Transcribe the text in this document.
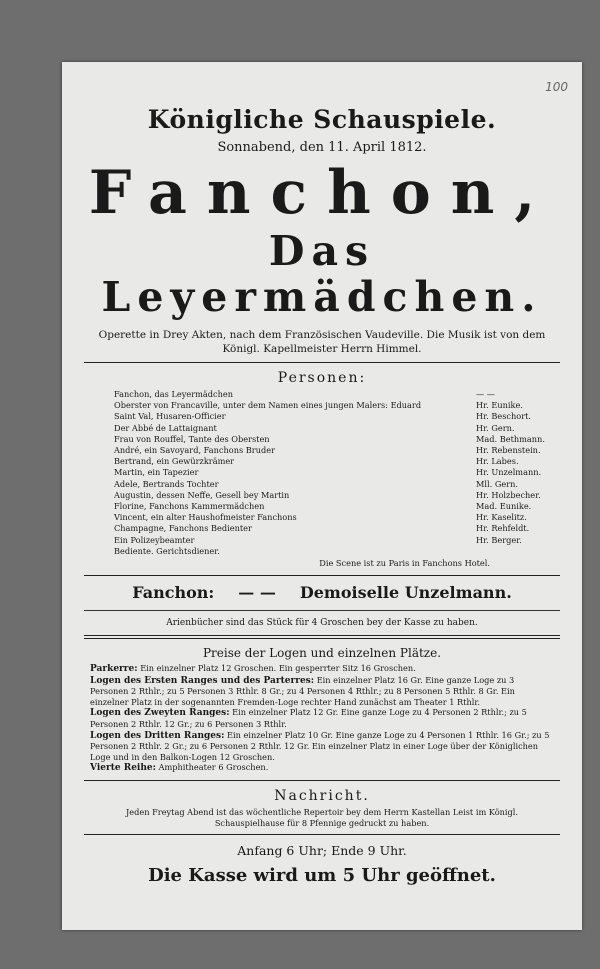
100
Königliche Schauspiele.
Sonnabend, den 11. April 1812.
Fanchon,
Das Leyermädchen.
Operette in Drey Akten, nach dem Französischen Vaudeville. Die Musik ist von dem Königl. Kapellmeister Herrn Himmel.
Personen:
Fanchon, das Leyermädchen	— —
Oberster von Francaville, unter dem Namen eines jungen Malers: Eduard	Hr. Eunike.
Saint Val, Husaren-Officier	Hr. Beschort.
Der Abbé de Lattaignant	Hr. Gern.
Frau von Rouffel, Tante des Obersten	Mad. Bethmann.
André, ein Savoyard, Fanchons Bruder	Hr. Rebenstein.
Bertrand, ein Gewürzkrämer	Hr. Labes.
Martin, ein Tapezier	Hr. Unzelmann.
Adele, Bertrands Tochter	Mll. Gern.
Augustin, dessen Neffe, Gesell bey Martin	Hr. Holzbecher.
Florine, Fanchons Kammermädchen	Mad. Eunike.
Vincent, ein alter Haushofmeister Fanchons	Hr. Kaselitz.
Champagne, Fanchons Bedienter	Hr. Rehfeldt.
Ein Polizeybeamter	Hr. Berger.
Bediente. Gerichtsdiener.
Die Scene ist zu Paris in Fanchons Hotel.
Fanchon: — — Demoiselle Unzelmann.
Arienbücher sind das Stück für 4 Groschen bey der Kasse zu haben.
Preise der Logen und einzelnen Plätze.

Parkerre: Ein einzelner Platz 12 Groschen. Ein gesperrter Sitz 16 Groschen.

Logen des Ersten Ranges und des Parterres: Ein einzelner Platz 16 Gr. Eine ganze Loge zu 3 Personen 2 Rthlr.; zu 5 Personen 3 Rthlr. 8 Gr.; zu 4 Personen 4 Rthlr.; zu 8 Personen 5 Rthlr. 8 Gr. Ein einzelner Platz in der sogenannten Fremden-Loge rechter Hand zunächst am Theater 1 Rthlr.

Logen des Zweyten Ranges: Ein einzelner Platz 12 Gr. Eine ganze Loge zu 4 Personen 2 Rthlr.; zu 5 Personen 2 Rthlr. 12 Gr.; zu 6 Personen 3 Rthlr.

Logen des Dritten Ranges: Ein einzelner Platz 10 Gr. Eine ganze Loge zu 4 Personen 1 Rthlr. 16 Gr.; zu 5 Personen 2 Rthlr. 2 Gr.; zu 6 Personen 2 Rthlr. 12 Gr. Ein einzelner Platz in einer Loge über der Königlichen Loge und in den Balkon-Logen 12 Groschen.

Vierte Reihe: Amphitheater 6 Groschen.

Nachricht.
Jeden Freytag Abend ist das wöchentliche Repertoir bey dem Herrn Kastellan Leist im Königl. Schauspielhause für 8 Pfennige gedruckt zu haben.
Anfang 6 Uhr; Ende 9 Uhr.
Die Kasse wird um 5 Uhr geöffnet.
